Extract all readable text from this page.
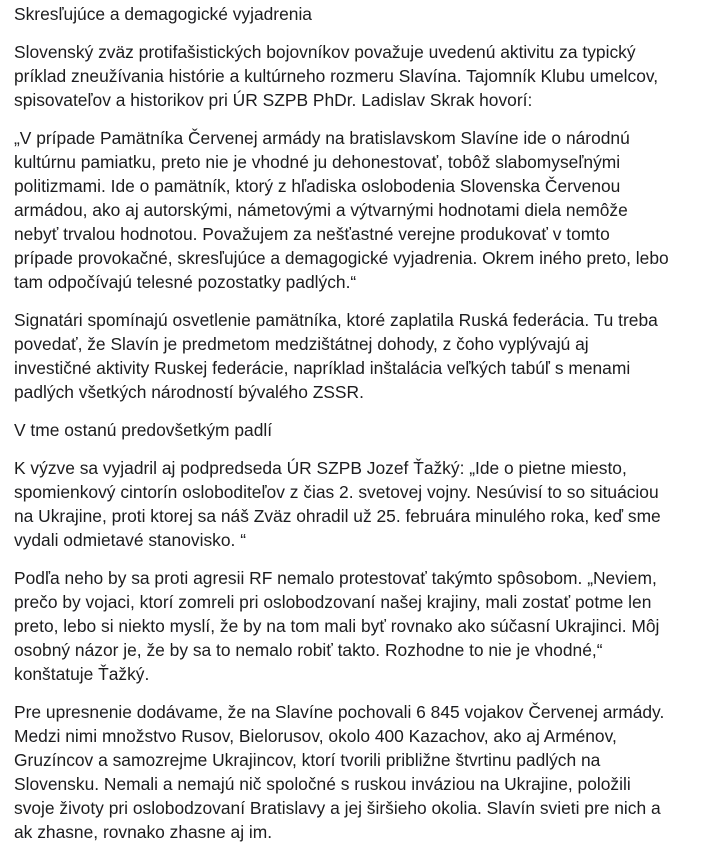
Skresľujúce a demagogické vyjadrenia

Slovenský zväz protifašistických bojovníkov považuje uvedenú aktivitu za typický
príklad zneužívania histórie a kultúrneho rozmeru Slavína. Tajomník Klubu umelcov,
spisovateľov a historikov pri ÚR SZPB PhDr. Ladislav Skrak hovorí:

„V prípade Pamätníka Červenej armády na bratislavskom Slavíne ide o národnú
kultúrnu pamiatku, preto nie je vhodné ju dehonestovať, tobôž slabomyseľnými
politizmami. Ide o pamätník, ktorý z hľadiska oslobodenia Slovenska Červenou
armádou, ako aj autorskými, námetovými a výtvarnými hodnotami diela nemôže
nebyť trvalou hodnotou. Považujem za nešťastné verejne produkovať v tomto
prípade provokačné, skresľujúce a demagogické vyjadrenia. Okrem iného preto, lebo
tam odpočívajú telesné pozostatky padlých.“

Signatári spomínajú osvetlenie pamätníka, ktoré zaplatila Ruská federácia. Tu treba
povedať, že Slavín je predmetom medzištátnej dohody, z čoho vyplývajú aj
investičné aktivity Ruskej federácie, napríklad inštalácia veľkých tabúľ s menami
padlých všetkých národností bývalého ZSSR.

V tme ostanú predovšetkým padlí

K výzve sa vyjadril aj podpredseda ÚR SZPB Jozef Ťažký: „Ide o pietne miesto,
spomienkový cintorín osloboditeľov z čias 2. svetovej vojny. Nesúvisí to so situáciou
na Ukrajine, proti ktorej sa náš Zväz ohradil už 25. februára minulého roka, keď sme
vydali odmietavé stanovisko. “

Podľa neho by sa proti agresii RF nemalo protestovať takýmto spôsobom. „Neviem,
prečo by vojaci, ktorí zomreli pri oslobodzovaní našej krajiny, mali zostať potme len
preto, lebo si niekto myslí, že by na tom mali byť rovnako ako súčasní Ukrajinci. Môj
osobný názor je, že by sa to nemalo robiť takto. Rozhodne to nie je vhodné,“
konštatuje Ťažký.

Pre upresnenie dodávame, že na Slavíne pochovali 6 845 vojakov Červenej armády.
Medzi nimi množstvo Rusov, Bielorusov, okolo 400 Kazachov, ako aj Arménov,
Gruzíncov a samozrejme Ukrajincov, ktorí tvorili približne štvrtinu padlých na
Slovensku. Nemali a nemajú nič spoločné s ruskou inváziou na Ukrajine, položili
svoje životy pri oslobodzovaní Bratislavy a jej širšieho okolia. Slavín svieti pre nich a
ak zhasne, rovnako zhasne aj im.
